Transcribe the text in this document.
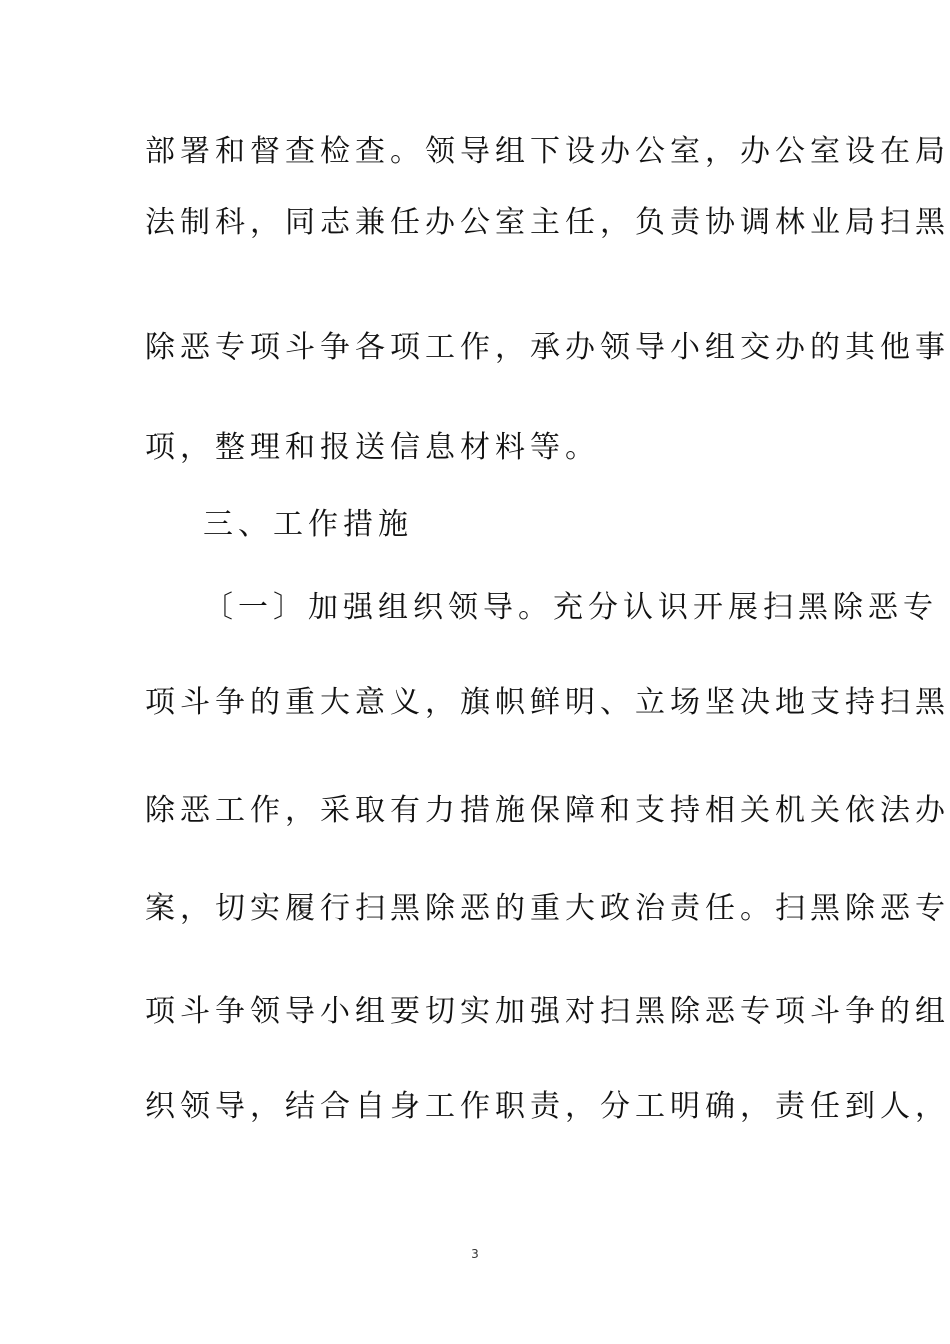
部署和督查检查。领导组下设办公室，办公室设在局
法制科，同志兼任办公室主任，负责协调林业局扫黑
除恶专项斗争各项工作，承办领导小组交办的其他事
项，整理和报送信息材料等。
三、工作措施
〔一〕加强组织领导。充分认识开展扫黑除恶专
项斗争的重大意义，旗帜鲜明、立场坚决地支持扫黑
除恶工作，采取有力措施保障和支持相关机关依法办
案，切实履行扫黑除恶的重大政治责任。扫黑除恶专
项斗争领导小组要切实加强对扫黑除恶专项斗争的组
织领导，结合自身工作职责，分工明确，责任到人，
3
